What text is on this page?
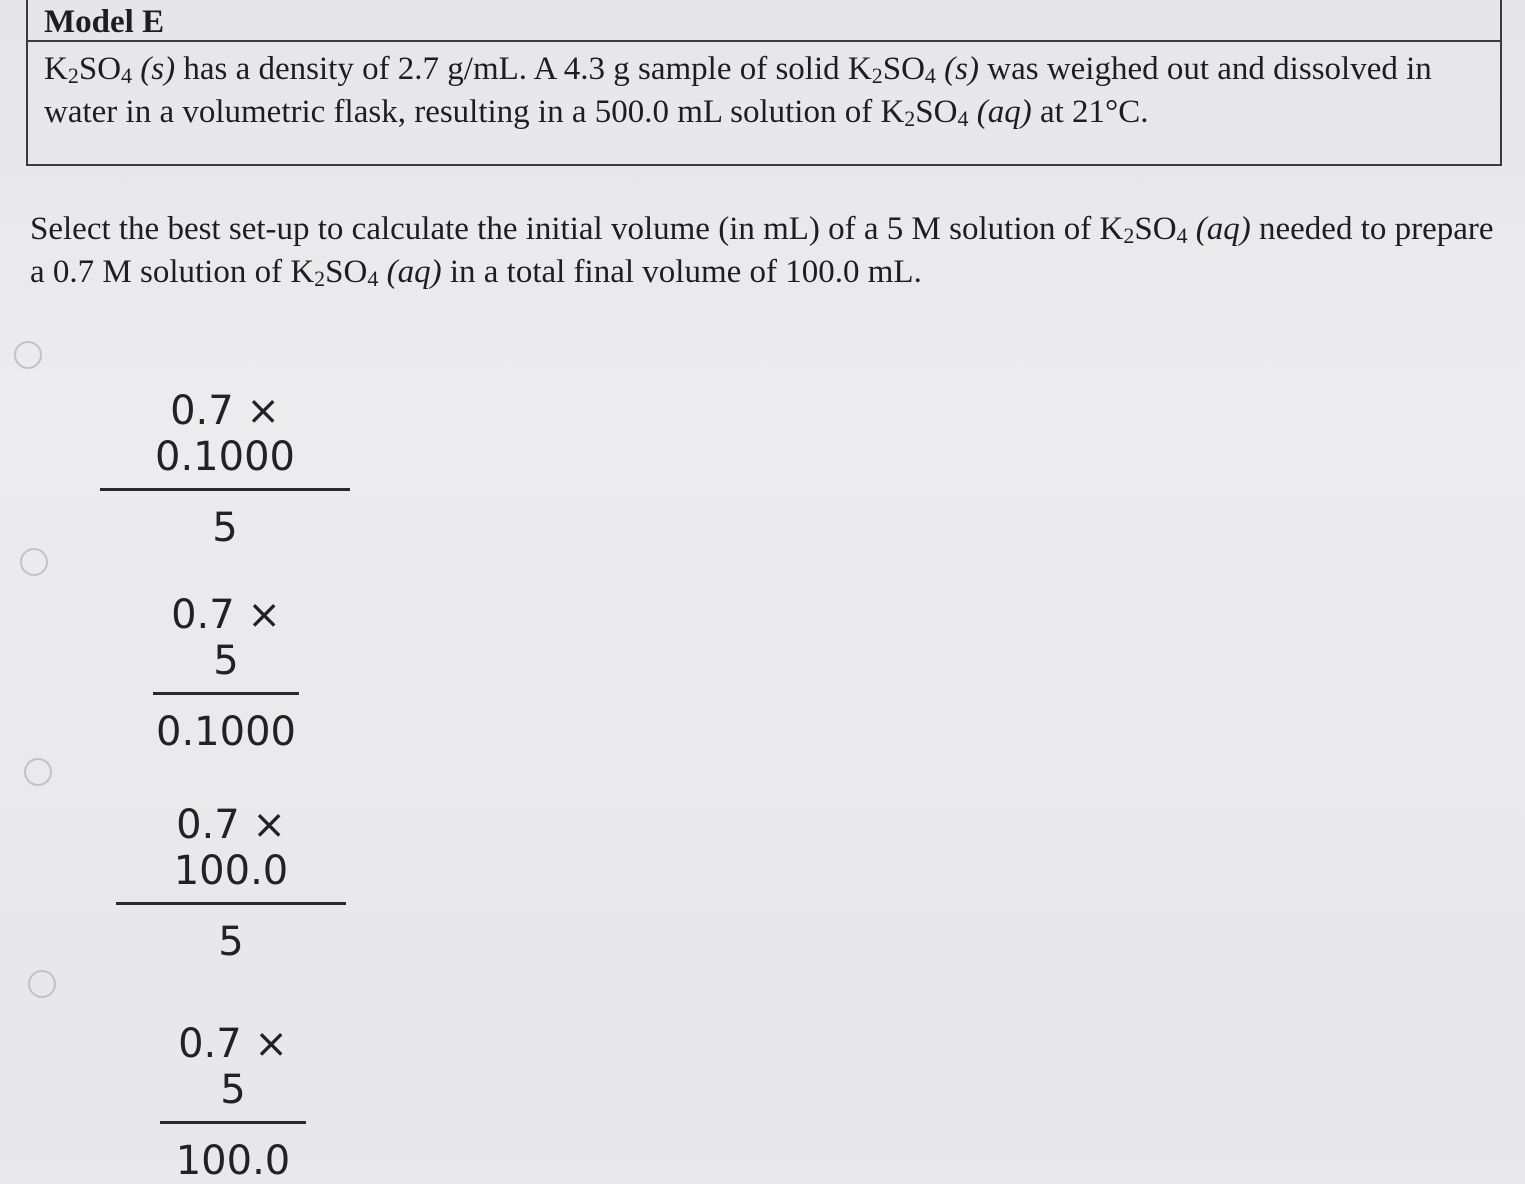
Model E
$K_2SO_4$ (s) has a density of 2.7 g/mL. A 4.3 g sample of solid $K_2SO_4$ (s) was weighed out and dissolved in water in a volumetric flask, resulting in a 500.0 mL solution of $K_2SO_4$ (aq) at 21°C.
Select the best set-up to calculate the initial volume (in mL) of a 5 M solution of $K_2SO_4$ (aq) needed to prepare a 0.7 M solution of $K_2SO_4$ (aq) in a total final volume of 100.0 mL.
$\frac{0.7 \times 0.1000}{5}$
$\frac{0.7 \times 5}{0.1000}$
$\frac{0.7 \times 100.0}{5}$
$\frac{0.7 \times 5}{100.0}$
